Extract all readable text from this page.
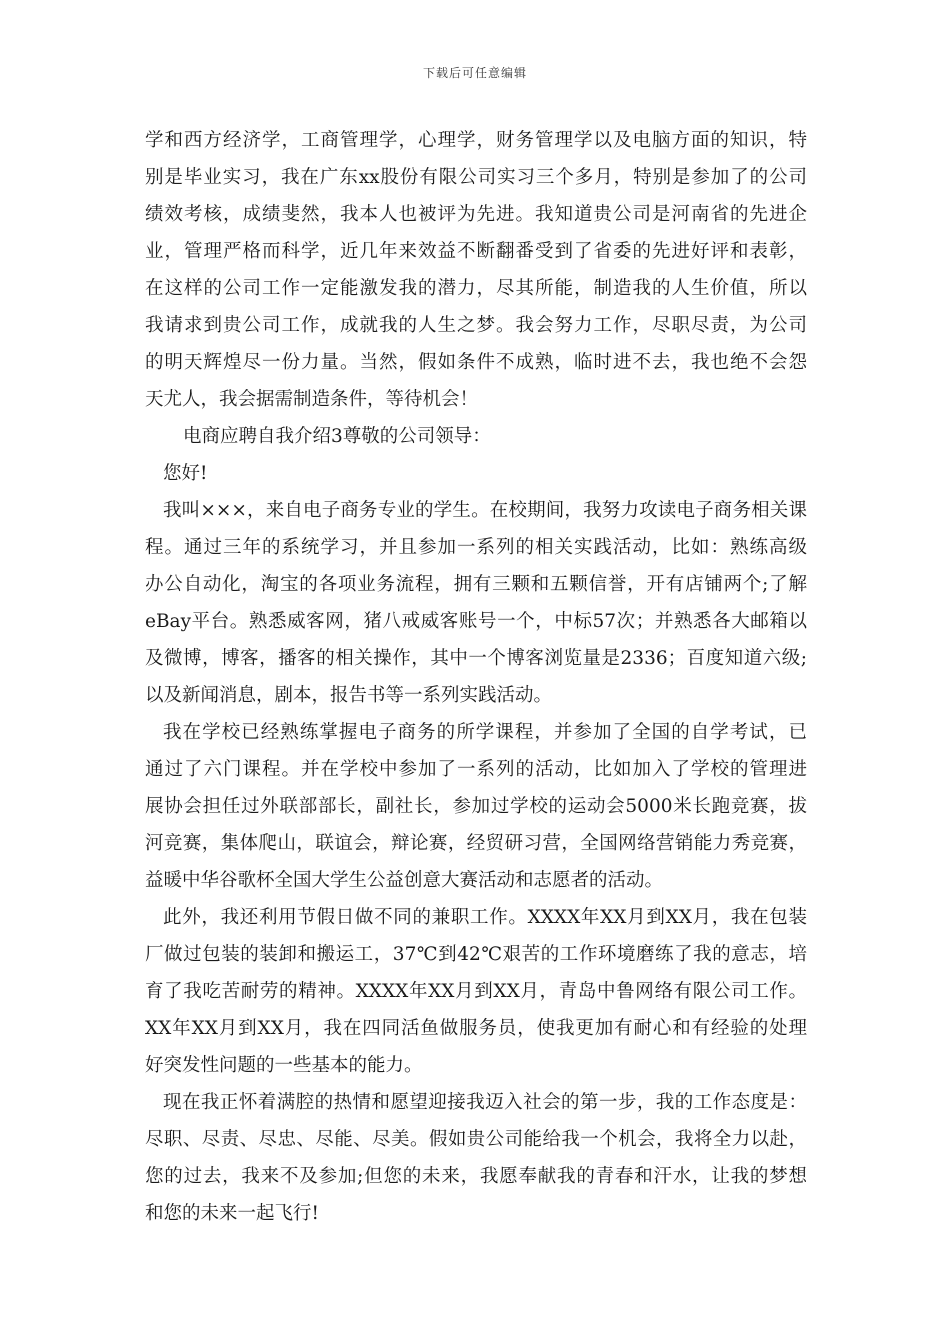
下载后可任意编辑
学和西方经济学，工商管理学，心理学，财务管理学以及电脑方面的知识，特
别是毕业实习，我在广东xx股份有限公司实习三个多月，特别是参加了的公司
绩效考核，成绩斐然，我本人也被评为先进。我知道贵公司是河南省的先进企
业，管理严格而科学，近几年来效益不断翻番受到了省委的先进好评和表彰，
在这样的公司工作一定能激发我的潜力，尽其所能，制造我的人生价值，所以
我请求到贵公司工作，成就我的人生之梦。我会努力工作，尽职尽责，为公司
的明天辉煌尽一份力量。当然，假如条件不成熟，临时进不去，我也绝不会怨
天尤人，我会据需制造条件，等待机会！
电商应聘自我介绍3尊敬的公司领导：
您好!
我叫×××，来自电子商务专业的学生。在校期间，我努力攻读电子商务相关课
程。通过三年的系统学习，并且参加一系列的相关实践活动，比如：熟练高级
办公自动化，淘宝的各项业务流程，拥有三颗和五颗信誉，开有店铺两个;了解
eBay平台。熟悉威客网，猪八戒威客账号一个，中标57次；并熟悉各大邮箱以
及微博，博客，播客的相关操作，其中一个博客浏览量是2336；百度知道六级;
以及新闻消息，剧本，报告书等一系列实践活动。
我在学校已经熟练掌握电子商务的所学课程，并参加了全国的自学考试，已
通过了六门课程。并在学校中参加了一系列的活动，比如加入了学校的管理进
展协会担任过外联部部长，副社长，参加过学校的运动会5000米长跑竞赛，拔
河竞赛，集体爬山，联谊会，辩论赛，经贸研习营，全国网络营销能力秀竞赛，
益暖中华谷歌杯全国大学生公益创意大赛活动和志愿者的活动。
此外，我还利用节假日做不同的兼职工作。XXXX年XX月到XX月，我在包装
厂做过包装的装卸和搬运工，37℃到42℃艰苦的工作环境磨练了我的意志，培
育了我吃苦耐劳的精神。XXXX年XX月到XX月，青岛中鲁网络有限公司工作。
XX年XX月到XX月，我在四同活鱼做服务员，使我更加有耐心和有经验的处理
好突发性问题的一些基本的能力。
现在我正怀着满腔的热情和愿望迎接我迈入社会的第一步，我的工作态度是：
尽职、尽责、尽忠、尽能、尽美。假如贵公司能给我一个机会，我将全力以赴，
您的过去，我来不及参加;但您的未来，我愿奉献我的青春和汗水，让我的梦想
和您的未来一起飞行!
